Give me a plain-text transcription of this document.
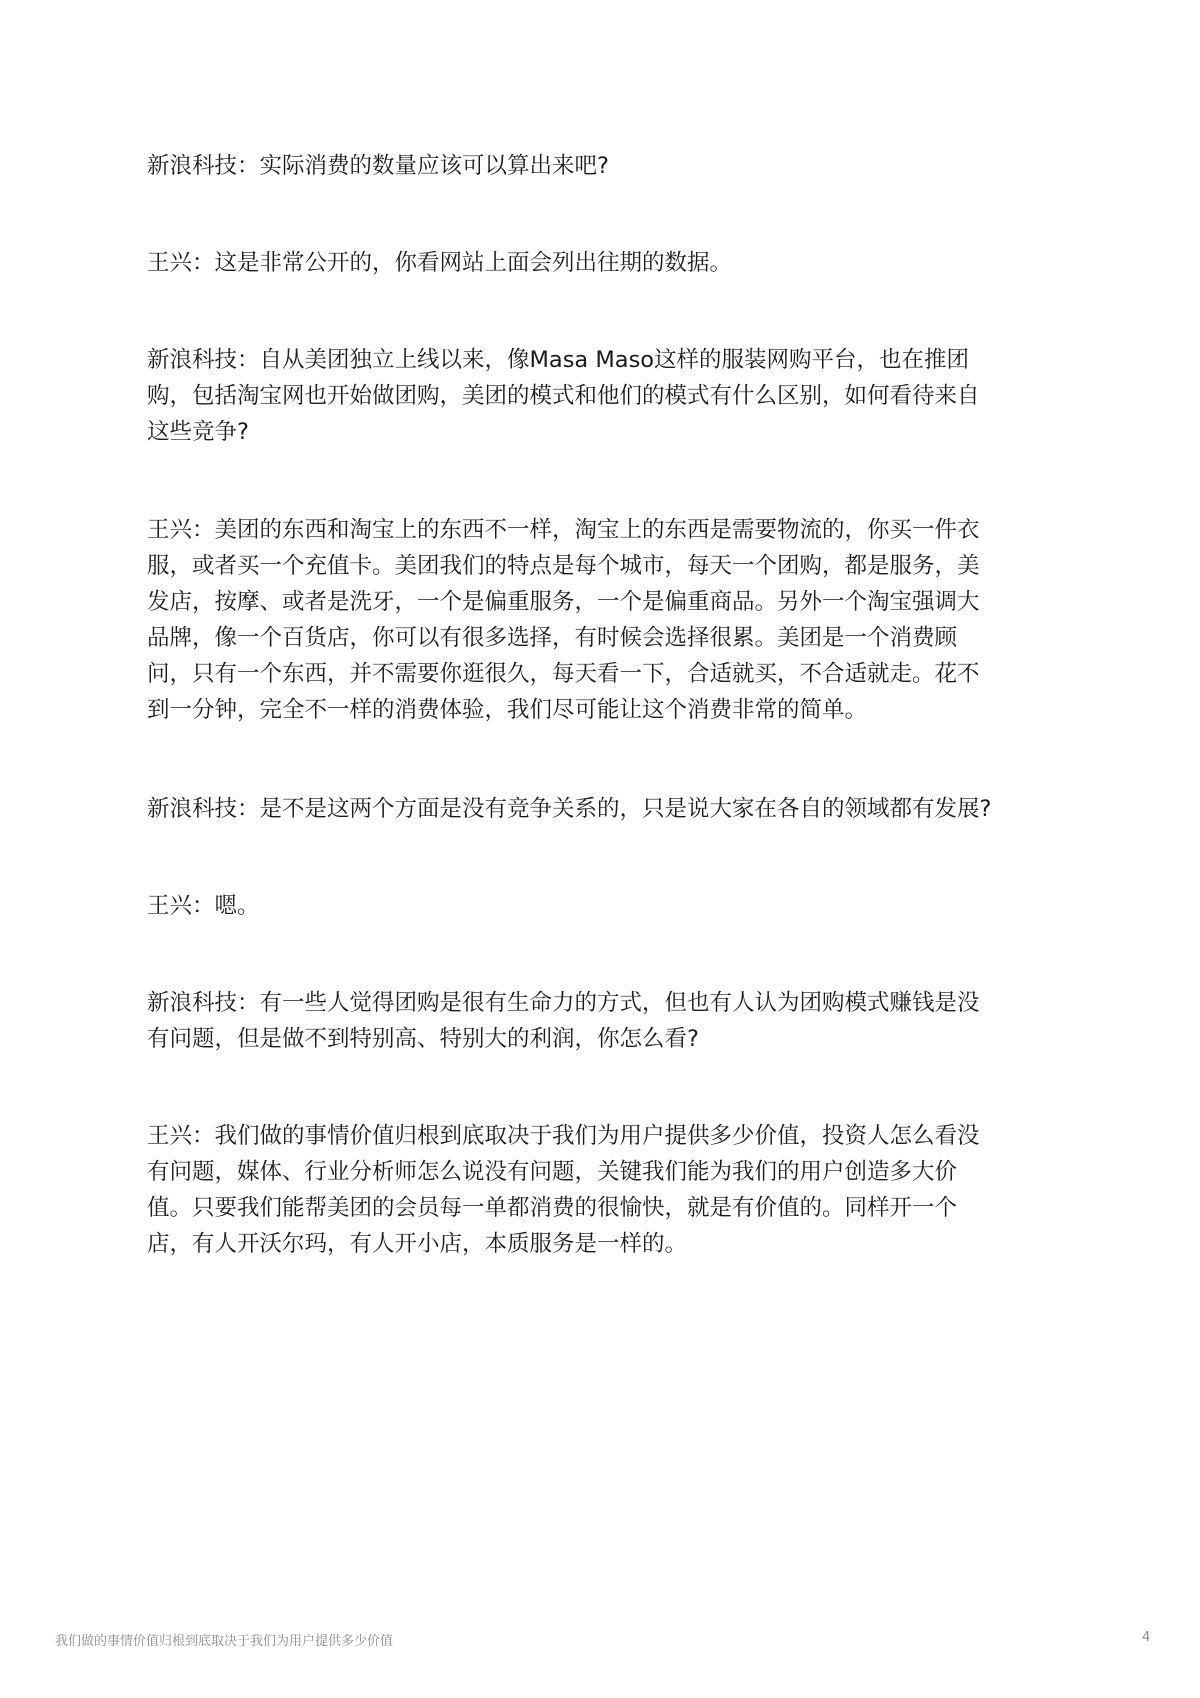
新浪科技：实际消费的数量应该可以算出来吧?
王兴：这是非常公开的，你看网站上面会列出往期的数据。
新浪科技：自从美团独立上线以来，像Masa Maso这样的服装网购平台，也在推团
购，包括淘宝网也开始做团购，美团的模式和他们的模式有什么区别，如何看待来自
这些竞争?
王兴：美团的东西和淘宝上的东西不一样，淘宝上的东西是需要物流的，你买一件衣
服，或者买一个充值卡。美团我们的特点是每个城市，每天一个团购，都是服务，美
发店，按摩、或者是洗牙，一个是偏重服务，一个是偏重商品。另外一个淘宝强调大
品牌，像一个百货店，你可以有很多选择，有时候会选择很累。美团是一个消费顾
问，只有一个东西，并不需要你逛很久，每天看一下，合适就买，不合适就走。花不
到一分钟，完全不一样的消费体验，我们尽可能让这个消费非常的简单。
新浪科技：是不是这两个方面是没有竞争关系的，只是说大家在各自的领域都有发展?
王兴：嗯。
新浪科技：有一些人觉得团购是很有生命力的方式，但也有人认为团购模式赚钱是没
有问题，但是做不到特别高、特别大的利润，你怎么看?
王兴：我们做的事情价值归根到底取决于我们为用户提供多少价值，投资人怎么看没
有问题，媒体、行业分析师怎么说没有问题，关键我们能为我们的用户创造多大价
值。只要我们能帮美团的会员每一单都消费的很愉快，就是有价值的。同样开一个
店，有人开沃尔玛，有人开小店，本质服务是一样的。
我们做的事情价值归根到底取决于我们为用户提供多少价值	4
